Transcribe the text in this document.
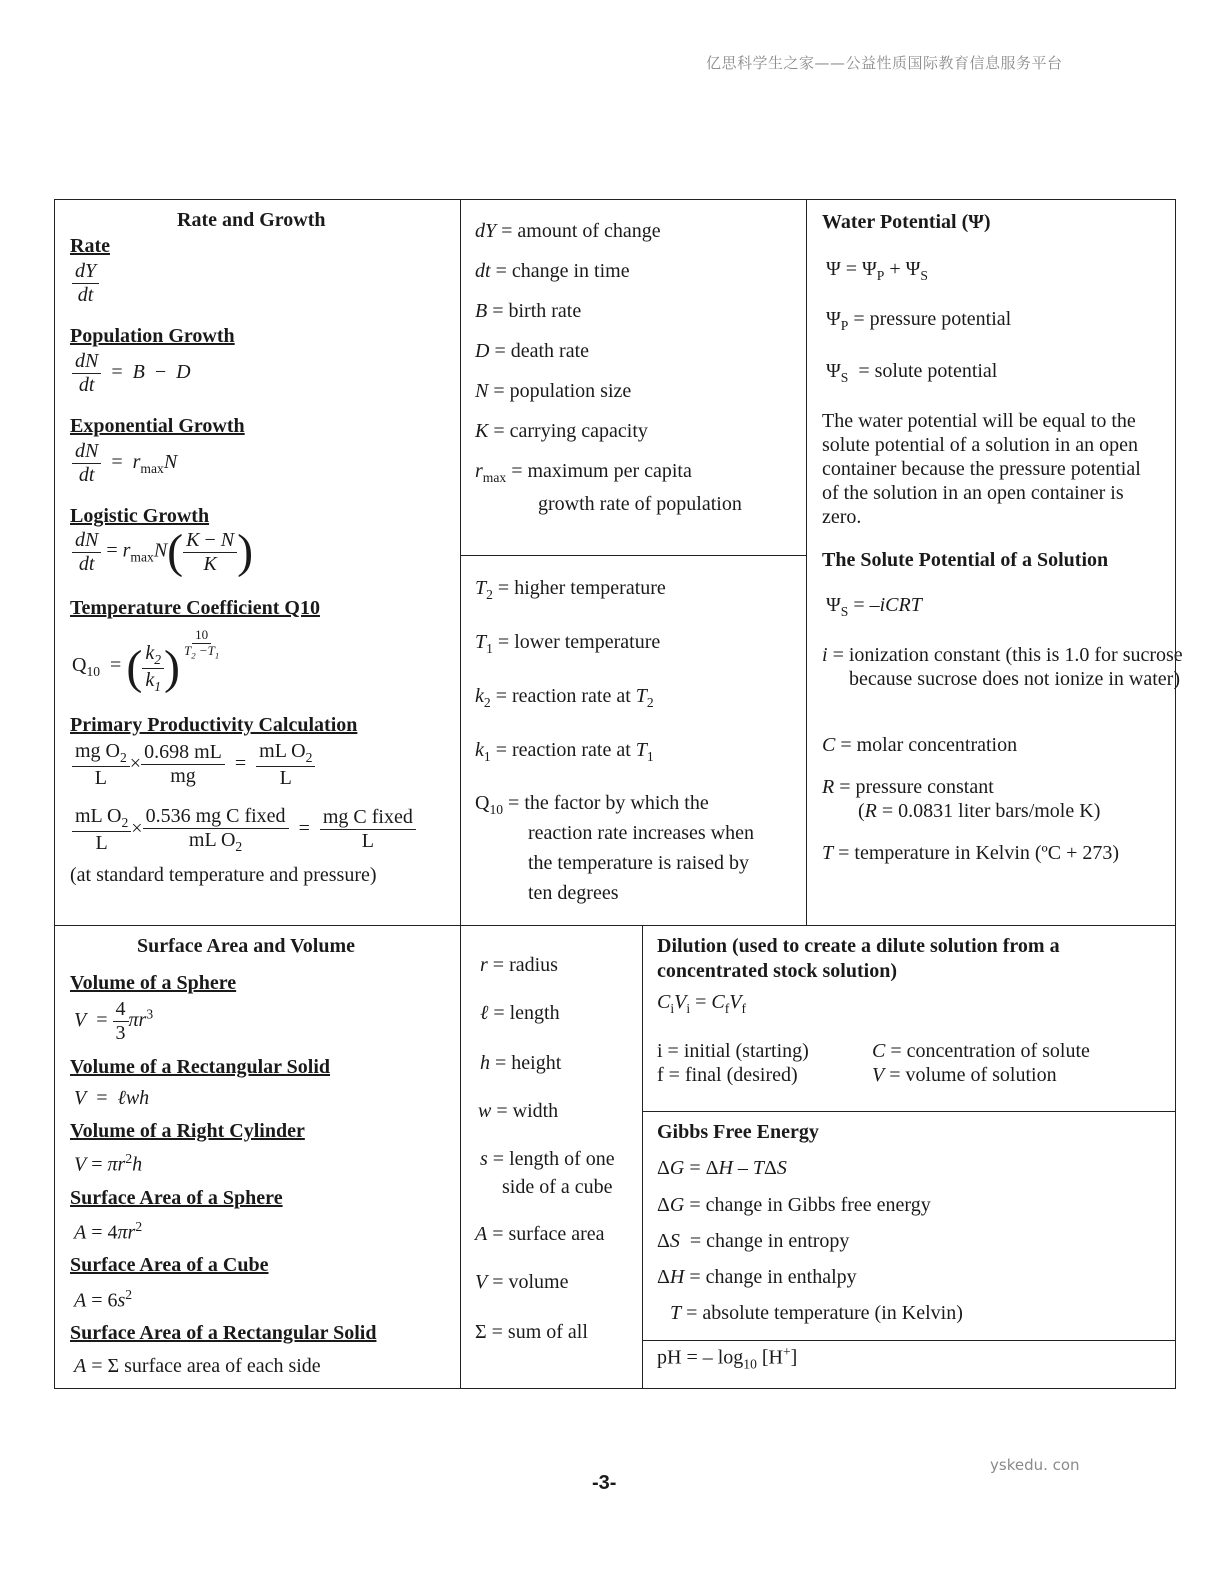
亿思科学生之家——公益性质国际教育信息服务平台
Rate and Growth
Rate
$\frac{dY}{dt}$
Population Growth
$\frac{dN}{dt} = B - D$
Exponential Growth
$\frac{dN}{dt} = r_{max}N$
Logistic Growth
$\frac{dN}{dt} = r_{max}N( \frac{K - N}{K}$ )
Temperature Coefficient Q10
$Q_{10}$  = ( $\frac{k_2}{k_1}$ ) $\frac{10}{T_2 -T_1}$
Primary Productivity Calculation
$\frac{mg O_2}{L} \times \frac{0.698 mL}{mg} = \frac{mL O_2}{L}$
$\frac{mL O_2}{L} \times \frac{\text{0.536 mg C fixed}}{mL O_2} = \frac{\text{mg C fixed}}{L}$
(at standard temperature and pressure)
dY = amount of change
dt = change in time
B = birth rate
D = death rate
N = population size
K = carrying capacity
$r_{max}$ = maximum per capita
growth rate of population
$T_2$ = higher temperature
$T_1$ = lower temperature
$k_2$ = reaction rate at $T_2$
$k_1$ = reaction rate at $T_1$
$Q_{10}$ = the factor by which the
reaction rate increases when
the temperature is raised by
ten degrees
Water Potential (Ψ)
$\Psi = \Psi_P + \Psi_S$
$\Psi_P$ = pressure potential
$\Psi_S$ = solute potential
The water potential will be equal to the solute potential of a solution in an open container because the pressure potential of the solution in an open container is zero.
The Solute Potential of a Solution
$\Psi_S$ = –iCRT
i = ionization constant (this is 1.0 for sucrose because sucrose does not ionize in water)
C = molar concentration
R = pressure constant
(R = 0.0831 liter bars/mole K)
T = temperature in Kelvin (ºC + 273)
Surface Area and Volume
Volume of a Sphere
$V = \frac{4}{3} \pi r^3$
Volume of a Rectangular Solid
V  =  ℓwh
Volume of a Right Cylinder
$V = \pi r^2h$
Surface Area of a Sphere
$A = 4\pi r^2$
Surface Area of a Cube
$A = 6s^2$
Surface Area of a Rectangular Solid
A = Σ surface area of each side
r = radius
ℓ = length
h = height
w = width
s = length of one
side of a cube
A = surface area
V = volume
Σ = sum of all
Dilution (used to create a dilute solution from a
concentrated stock solution)
$C_iV_i = C_fV_f$
i = initial (starting)
f = final (desired)
C = concentration of solute
V = volume of solution
Gibbs Free Energy
ΔG = ΔH – TΔS
ΔG = change in Gibbs free energy
ΔS = change in entropy
ΔH = change in enthalpy
T = absolute temperature (in Kelvin)
pH = – $\log_{10} [H^+]$
yskedu. con
-3-
